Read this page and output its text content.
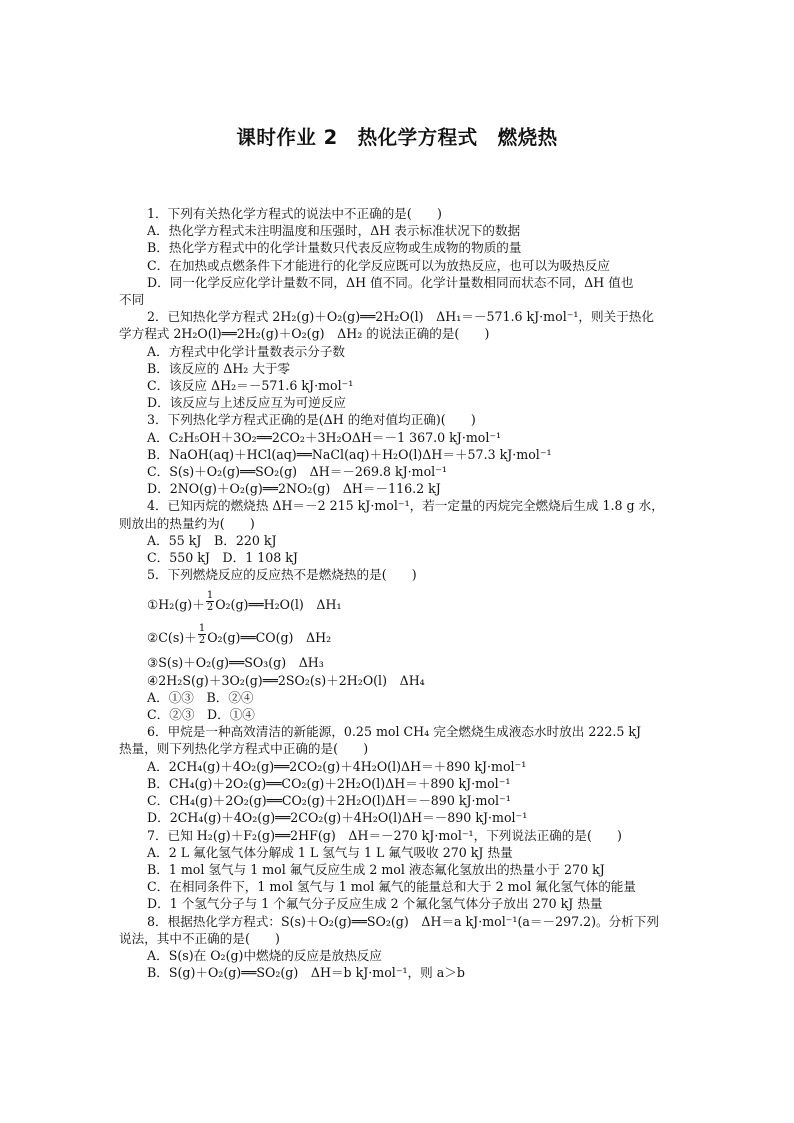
课时作业 2　热化学方程式　燃烧热
1．下列有关热化学方程式的说法中不正确的是(　　)
A．热化学方程式未注明温度和压强时，ΔH 表示标准状况下的数据
B．热化学方程式中的化学计量数只代表反应物或生成物的物质的量
C．在加热或点燃条件下才能进行的化学反应既可以为放热反应，也可以为吸热反应
D．同一化学反应化学计量数不同，ΔH 值不同。化学计量数相同而状态不同，ΔH 值也
不同
2．已知热化学方程式 2H₂(g)＋O₂(g)══2H₂O(l)　ΔH₁＝－571.6 kJ·mol⁻¹，则关于热化
学方程式 2H₂O(l)══2H₂(g)＋O₂(g)　ΔH₂ 的说法正确的是(　　)
A．方程式中化学计量数表示分子数
B．该反应的 ΔH₂ 大于零
C．该反应 ΔH₂＝－571.6 kJ·mol⁻¹
D．该反应与上述反应互为可逆反应
3．下列热化学方程式正确的是(ΔH 的绝对值均正确)(　　)
A．C₂H₅OH＋3O₂══2CO₂＋3H₂OΔH＝－1 367.0 kJ·mol⁻¹
B．NaOH(aq)＋HCl(aq)══NaCl(aq)＋H₂O(l)ΔH＝＋57.3 kJ·mol⁻¹
C．S(s)＋O₂(g)══SO₂(g)　ΔH＝－269.8 kJ·mol⁻¹
D．2NO(g)＋O₂(g)══2NO₂(g)　ΔH＝－116.2 kJ
4．已知丙烷的燃烧热 ΔH＝－2 215 kJ·mol⁻¹，若一定量的丙烷完全燃烧后生成 1.8 g 水，
则放出的热量约为(　　)
A．55 kJ　B．220 kJ
C．550 kJ　D．1 108 kJ
5．下列燃烧反应的反应热不是燃烧热的是(　　)
①H₂(g)＋ $\frac{1}{2}$ O₂(g)══H₂O(l)　ΔH₁
②C(s)＋ $\frac{1}{2}$ O₂(g)══CO(g)　ΔH₂
③S(s)＋O₂(g)══SO₃(g)　ΔH₃
④2H₂S(g)＋3O₂(g)══2SO₂(s)＋2H₂O(l)　ΔH₄
A．①③　B．②④
C．②③　D．①④
6．甲烷是一种高效清洁的新能源，0.25 mol CH₄ 完全燃烧生成液态水时放出 222.5 kJ
热量，则下列热化学方程式中正确的是(　　)
A．2CH₄(g)＋4O₂(g)══2CO₂(g)＋4H₂O(l)ΔH＝＋890 kJ·mol⁻¹
B．CH₄(g)＋2O₂(g)══CO₂(g)＋2H₂O(l)ΔH＝＋890 kJ·mol⁻¹
C．CH₄(g)＋2O₂(g)══CO₂(g)＋2H₂O(l)ΔH＝－890 kJ·mol⁻¹
D．2CH₄(g)＋4O₂(g)══2CO₂(g)＋4H₂O(l)ΔH＝－890 kJ·mol⁻¹
7．已知 H₂(g)＋F₂(g)══2HF(g)　ΔH＝－270 kJ·mol⁻¹，下列说法正确的是(　　)
A．2 L 氟化氢气体分解成 1 L 氢气与 1 L 氟气吸收 270 kJ 热量
B．1 mol 氢气与 1 mol 氟气反应生成 2 mol 液态氟化氢放出的热量小于 270 kJ
C．在相同条件下，1 mol 氢气与 1 mol 氟气的能量总和大于 2 mol 氟化氢气体的能量
D．1 个氢气分子与 1 个氟气分子反应生成 2 个氟化氢气体分子放出 270 kJ 热量
8．根据热化学方程式：S(s)＋O₂(g)══SO₂(g)　ΔH＝a kJ·mol⁻¹(a＝－297.2)。分析下列
说法，其中不正确的是(　　)
A．S(s)在 O₂(g)中燃烧的反应是放热反应
B．S(g)＋O₂(g)══SO₂(g)　ΔH＝b kJ·mol⁻¹，则 a＞b
